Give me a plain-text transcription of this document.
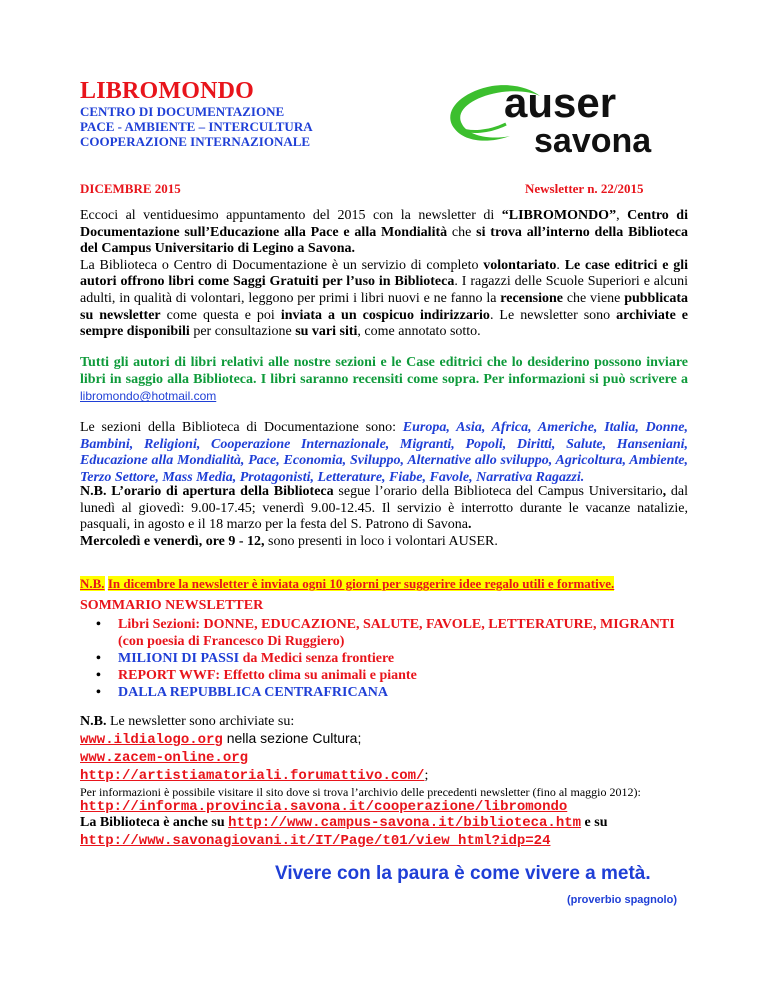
LIBROMONDO
CENTRO DI DOCUMENTAZIONE
PACE - AMBIENTE – INTERCULTURA
COOPERAZIONE INTERNAZIONALE
auser
savona
DICEMBRE 2015	Newsletter n. 22/2015
Eccoci al ventiduesimo appuntamento del 2015 con la newsletter di “LIBROMONDO”, Centro di Documentazione sull’Educazione alla Pace e alla Mondialità che si trova all’interno della Biblioteca del Campus Universitario di Legino a Savona.
La Biblioteca o Centro di Documentazione è un servizio di completo volontariato. Le case editrici e gli autori offrono libri come Saggi Gratuiti per l’uso in Biblioteca. I ragazzi delle Scuole Superiori e alcuni adulti, in qualità di volontari, leggono per primi i libri nuovi e ne fanno la recensione che viene pubblicata su newsletter come questa e poi inviata a un cospicuo indirizzario. Le newsletter sono archiviate e sempre disponibili per consultazione su vari siti, come annotato sotto.
Tutti gli autori di libri relativi alle nostre sezioni e le Case editrici che lo desiderino possono inviare libri in saggio alla Biblioteca. I libri saranno recensiti come sopra. Per informazioni si può scrivere a libromondo@hotmail.com
Le sezioni della Biblioteca di Documentazione sono: Europa, Asia, Africa, Americhe, Italia, Donne, Bambini, Religioni, Cooperazione Internazionale, Migranti, Popoli, Diritti, Salute, Hanseniani, Educazione alla Mondialità, Pace, Economia, Sviluppo, Alternative allo sviluppo, Agricoltura, Ambiente, Terzo Settore, Mass Media, Protagonisti, Letterature, Fiabe, Favole, Narrativa Ragazzi.
N.B. L’orario di apertura della Biblioteca segue l’orario della Biblioteca del Campus Universitario, dal lunedì al giovedì: 9.00-17.45; venerdì 9.00-12.45. Il servizio è interrotto durante le vacanze natalizie, pasquali, in agosto e il 18 marzo per la festa del S. Patrono di Savona.
Mercoledì e venerdì, ore 9 - 12, sono presenti in loco i volontari AUSER.
N.B. In dicembre la newsletter è inviata ogni 10 giorni per suggerire idee regalo utili e formative.
SOMMARIO NEWSLETTER
• Libri Sezioni: DONNE, EDUCAZIONE, SALUTE, FAVOLE, LETTERATURE, MIGRANTI (con poesia di Francesco Di Ruggiero)
• MILIONI DI PASSI da Medici senza frontiere
• REPORT WWF: Effetto clima su animali e piante
• DALLA REPUBBLICA CENTRAFRICANA
N.B. Le newsletter sono archiviate su:
www.ildialogo.org nella sezione Cultura;
www.zacem-online.org
http://artistiamatoriali.forumattivo.com/;
Per informazioni è possibile visitare il sito dove si trova l’archivio delle precedenti newsletter (fino al maggio 2012): http://informa.provincia.savona.it/cooperazione/libromondo
La Biblioteca è anche su http://www.campus-savona.it/biblioteca.htm e su
http://www.savonagiovani.it/IT/Page/t01/view_html?idp=24
Vivere con la paura è come vivere a metà.
(proverbio spagnolo)
